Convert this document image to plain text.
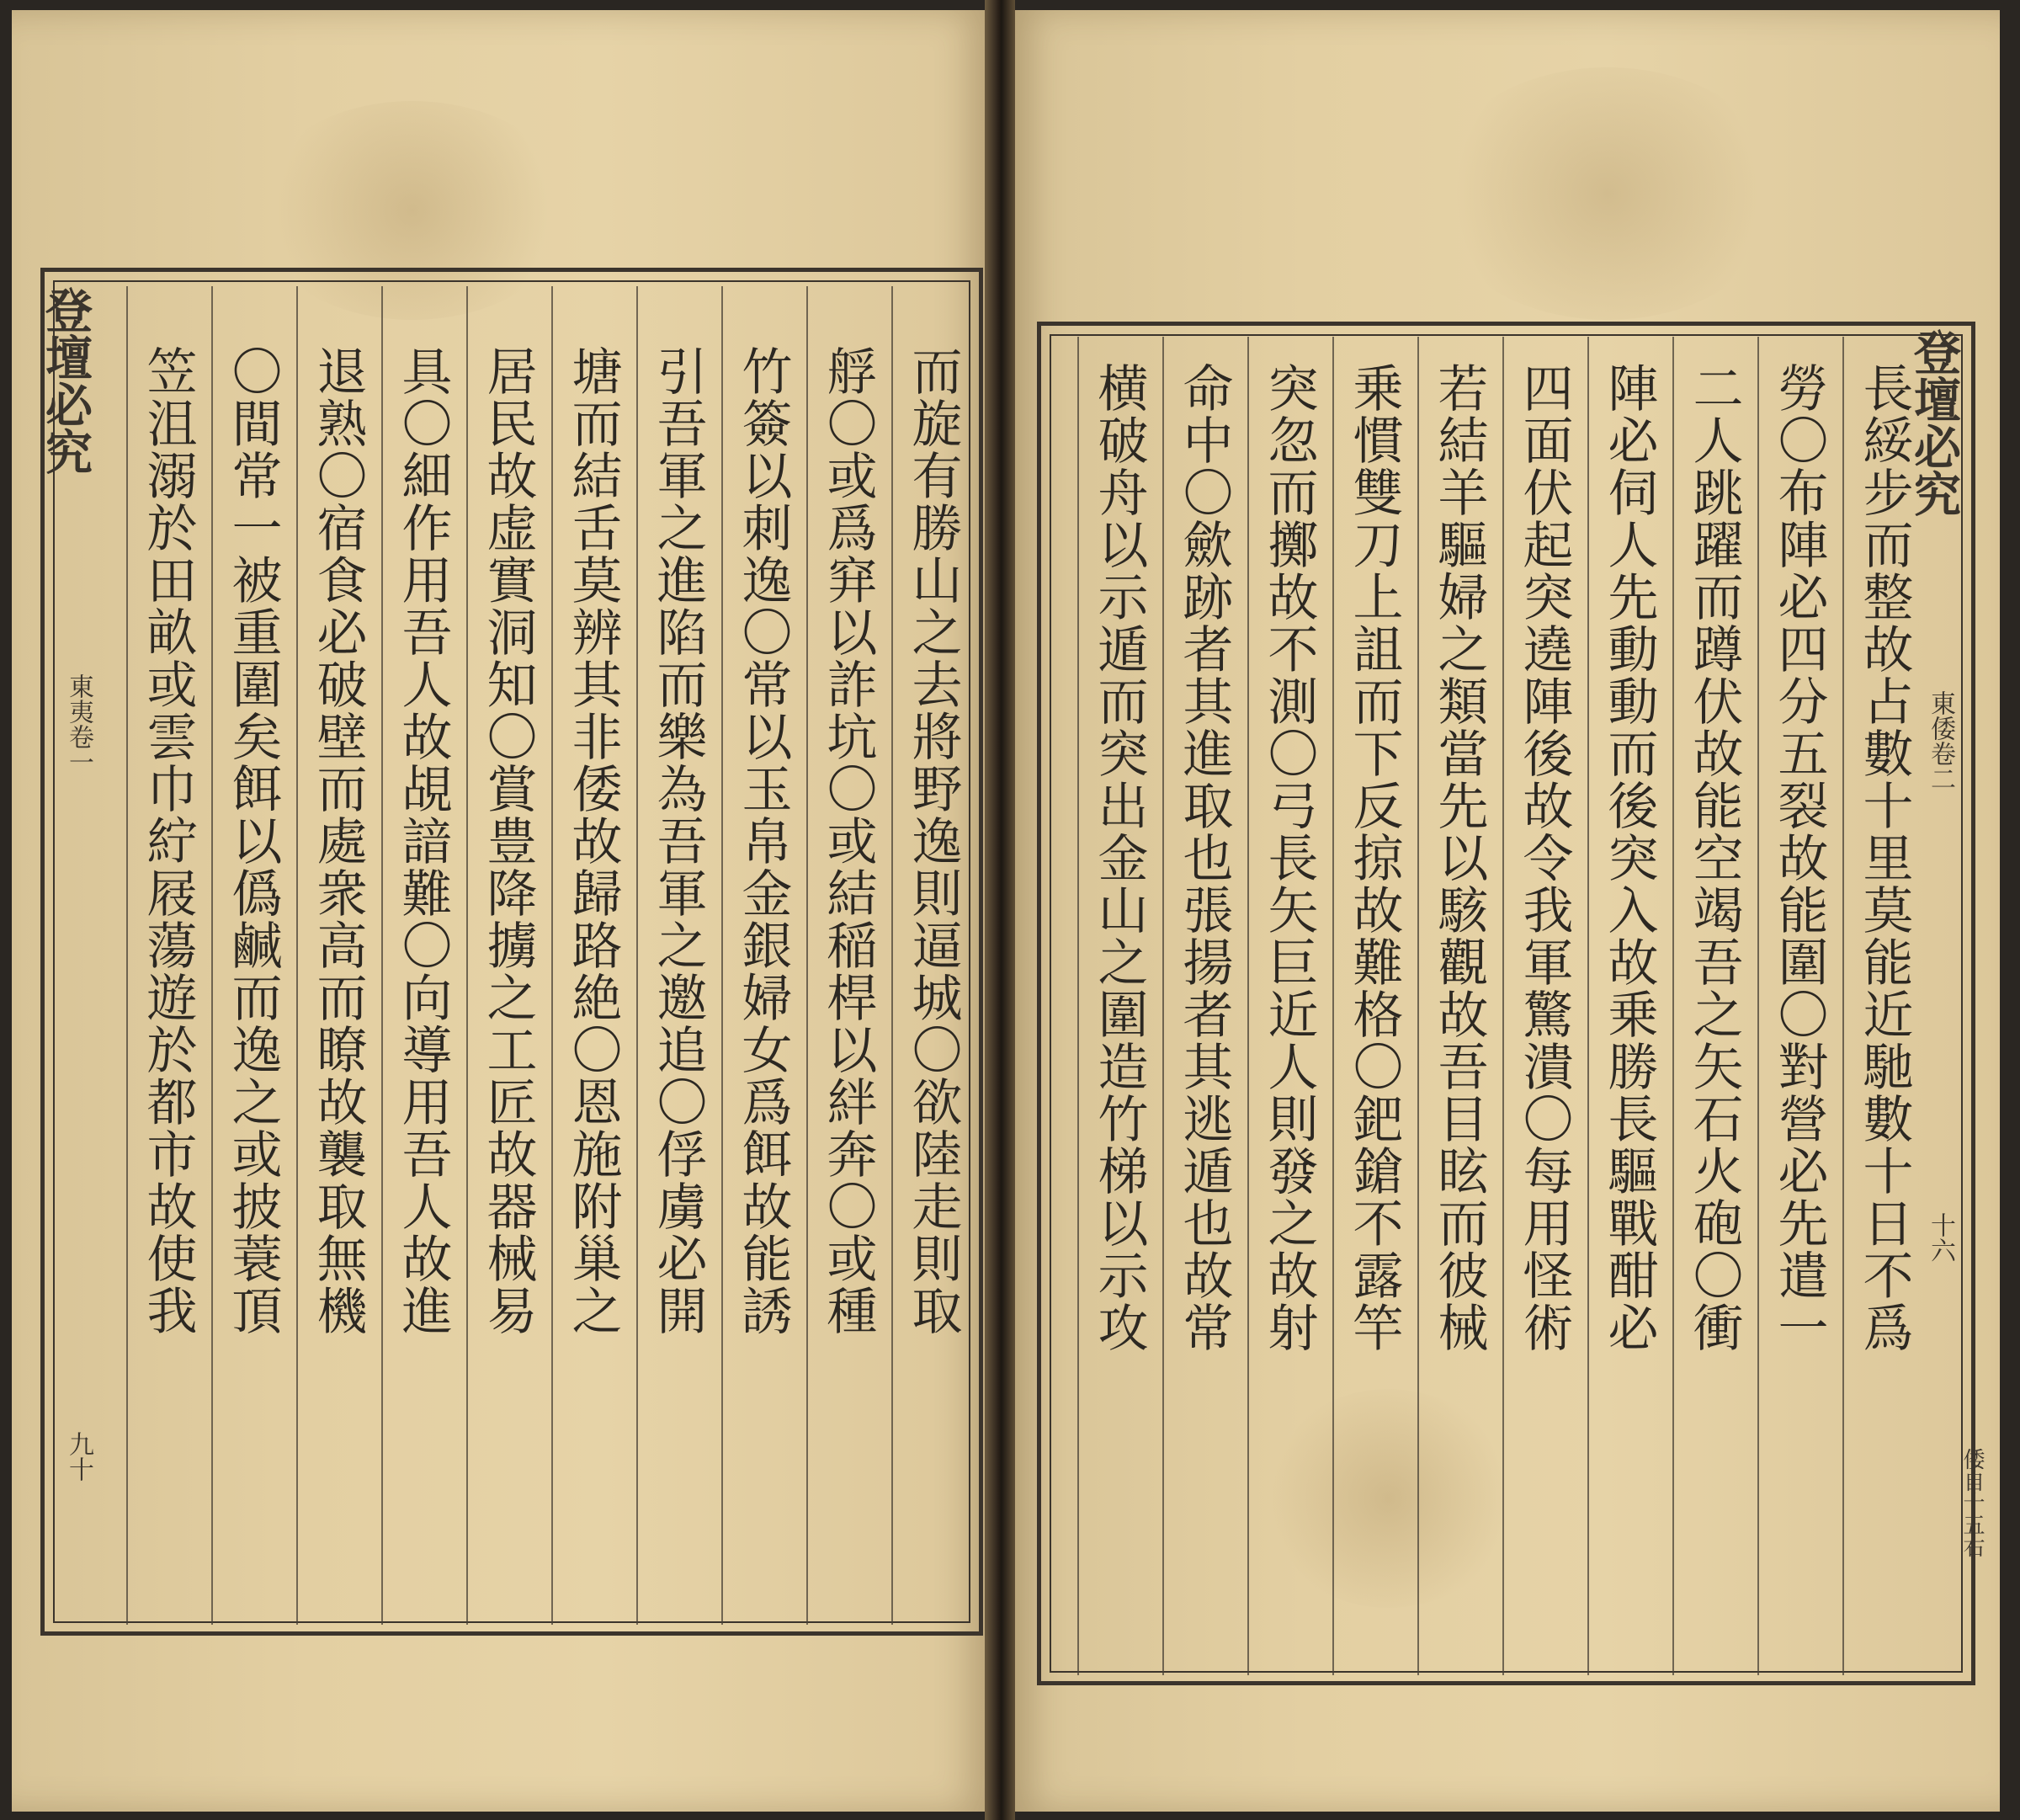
登壇必究
東夷卷一
九十
登壇必究
東倭卷二
十六
倭自十五右
而旋有勝山之去將野逸則逼城〇欲陸走則取
艀〇或爲穽以詐坑〇或結稲桿以絆奔〇或種
竹簽以刺逸〇常以玉帛金銀婦女爲餌故能誘
引吾軍之進陷而樂為吾軍之邀追〇俘虜必開
塘而結舌莫辨其非倭故歸路絶〇恩施附巢之
居民故虚實洞知〇賞豊降擄之工匠故器械易
具〇細作用吾人故覘諳難〇向導用吾人故進
退熟〇宿食必破壁而處衆高而瞭故襲取無機
〇間常一被重圍矣餌以僞鹹而逸之或披蓑頂
笠沮溺於田畝或雲巾紵屐蕩遊於都市故使我	長綏步而整故占數十里莫能近馳數十日不爲
勞〇布陣必四分五裂故能圍〇對營必先遣一
二人跳躍而蹲伏故能空竭吾之矢石火砲〇衝
陣必伺人先動動而後突入故乗勝長驅戰酣必
四面伏起突遶陣後故令我軍驚潰〇每用怪術
若結羊驅婦之類當先以駭觀故吾目眩而彼械
乗慣雙刀上詛而下反掠故難格〇鈀鎗不露竿
突忽而擲故不測〇弓長矢巨近人則發之故射
命中〇歛跡者其進取也張揚者其逃遁也故常
横破舟以示遁而突出金山之圍造竹梯以示攻
